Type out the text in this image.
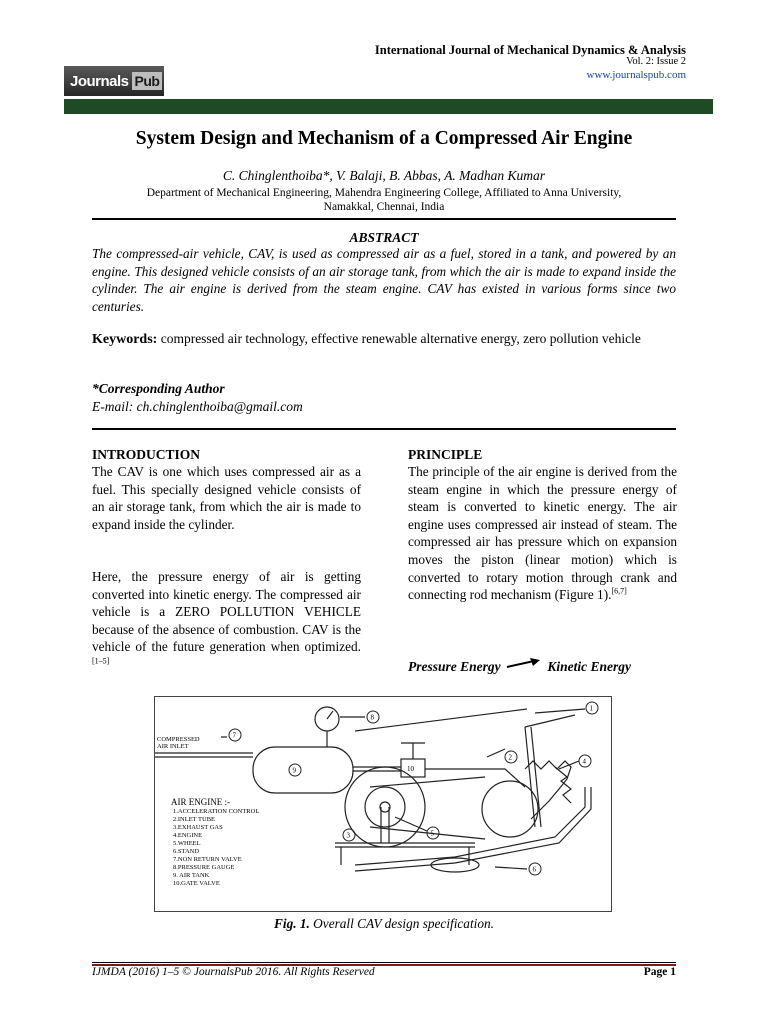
International Journal of Mechanical Dynamics & Analysis
Vol. 2: Issue 2
www.journalspub.com
Journals Pub
System Design and Mechanism of a Compressed Air Engine
C. Chinglenthoiba*, V. Balaji, B. Abbas, A. Madhan Kumar
Department of Mechanical Engineering, Mahendra Engineering College, Affiliated to Anna University,
Namakkal, Chennai, India
ABSTRACT
The compressed-air vehicle, CAV, is used as compressed air as a fuel, stored in a tank, and powered by an engine. This designed vehicle consists of an air storage tank, from which the air is made to expand inside the cylinder. The air engine is derived from the steam engine. CAV has existed in various forms since two centuries.
Keywords: compressed air technology, effective renewable alternative energy, zero pollution vehicle
*Corresponding Author
E-mail: ch.chinglenthoiba@gmail.com
INTRODUCTION
The CAV is one which uses compressed air as a fuel. This specially designed vehicle consists of an air storage tank, from which the air is made to expand inside the cylinder.
Here, the pressure energy of air is getting converted into kinetic energy. The compressed air vehicle is a ZERO POLLUTION VEHICLE because of the absence of combustion. CAV is the vehicle of the future generation when optimized.[1–5]
PRINCIPLE
The principle of the air engine is derived from the steam engine in which the pressure energy of steam is converted to kinetic energy. The air engine uses compressed air instead of steam. The compressed air has pressure which on expansion moves the piston (linear motion) which is converted to rotary motion through crank and connecting rod mechanism (Figure 1).[6,7]
Pressure Energy	Kinetic Energy
COMPRESSED
AIR INLET
AIR ENGINE :-
1.ACCELERATION CONTROL
2.INLET TUBE
3.EXHAUST GAS
4.ENGINE
5.WHEEL
6.STAND
7.NON RETURN VALVE
8.PRESSURE GAUGE
9. AIR TANK
10.GATE VALVE
1
2
3
4
5
6
7
8
9	10
Fig. 1. Overall CAV design specification.
IJMDA (2016) 1–5 © JournalsPub 2016. All Rights Reserved	Page 1
